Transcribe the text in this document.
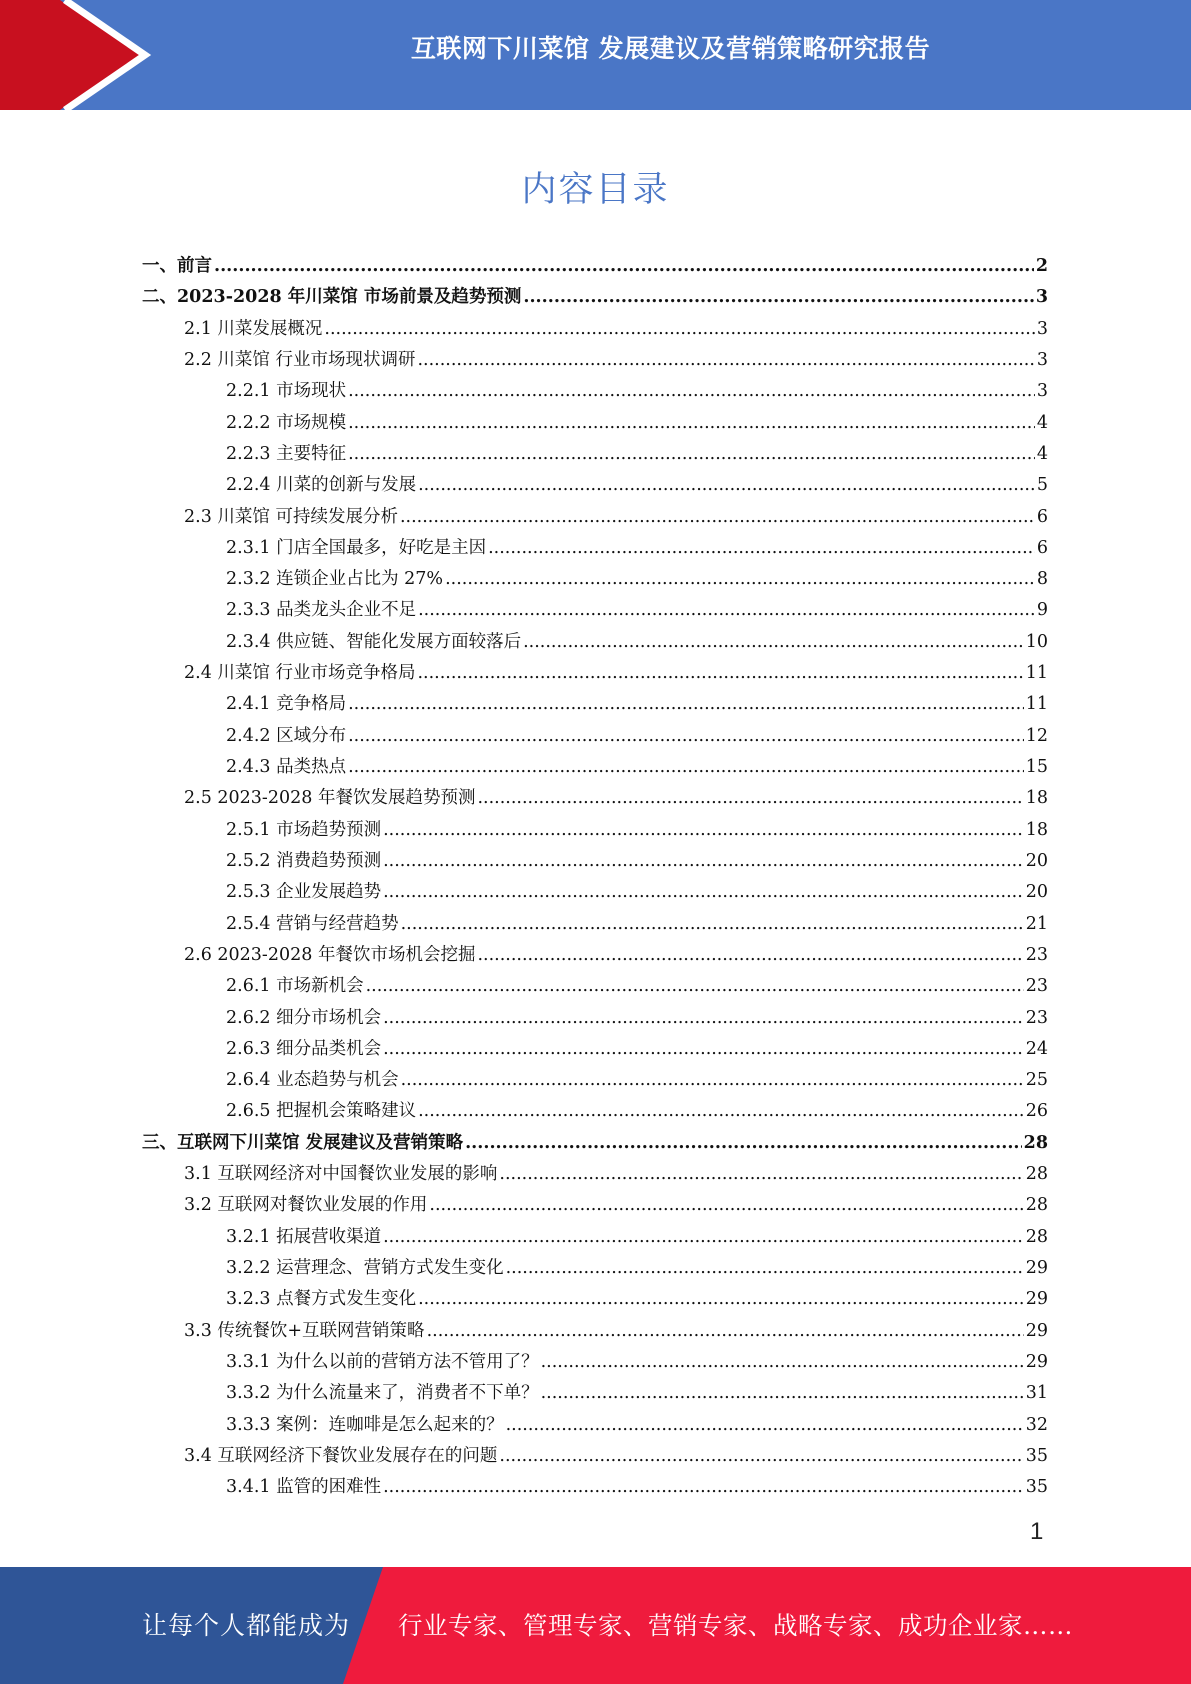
互联网下川菜馆 发展建议及营销策略研究报告
内容目录
一、前言 .....	2
二、2023-2028 年川菜馆 市场前景及趋势预测 .....	3
2.1 川菜发展概况 .....	3
2.2 川菜馆 行业市场现状调研 .....	3
2.2.1 市场现状 .....	3
2.2.2 市场规模 .....	4
2.2.3 主要特征 .....	4
2.2.4 川菜的创新与发展 .....	5
2.3 川菜馆 可持续发展分析 .....	6
2.3.1 门店全国最多，好吃是主因 .....	6
2.3.2 连锁企业占比为 27% .....	8
2.3.3 品类龙头企业不足 .....	9
2.3.4 供应链、智能化发展方面较落后 .....	10
2.4 川菜馆 行业市场竞争格局 .....	11
2.4.1 竞争格局 .....	11
2.4.2 区域分布 .....	12
2.4.3 品类热点 .....	15
2.5 2023-2028 年餐饮发展趋势预测 .....	18
2.5.1 市场趋势预测 .....	18
2.5.2 消费趋势预测 .....	20
2.5.3 企业发展趋势 .....	20
2.5.4 营销与经营趋势 .....	21
2.6 2023-2028 年餐饮市场机会挖掘 .....	23
2.6.1 市场新机会 .....	23
2.6.2 细分市场机会 .....	23
2.6.3 细分品类机会 .....	24
2.6.4 业态趋势与机会 .....	25
2.6.5 把握机会策略建议 .....	26
三、互联网下川菜馆 发展建议及营销策略 .....	28
3.1 互联网经济对中国餐饮业发展的影响 .....	28
3.2 互联网对餐饮业发展的作用 .....	28
3.2.1 拓展营收渠道 .....	28
3.2.2 运营理念、营销方式发生变化 .....	29
3.2.3 点餐方式发生变化 .....	29
3.3 传统餐饮+互联网营销策略 .....	29
3.3.1 为什么以前的营销方法不管用了？ .....	29
3.3.2 为什么流量来了，消费者不下单？ .....	31
3.3.3 案例：连咖啡是怎么起来的？ .....	32
3.4 互联网经济下餐饮业发展存在的问题 .....	35
3.4.1 监管的困难性 .....	35
1
让每个人都能成为 行业专家、管理专家、营销专家、战略专家、成功企业家……
